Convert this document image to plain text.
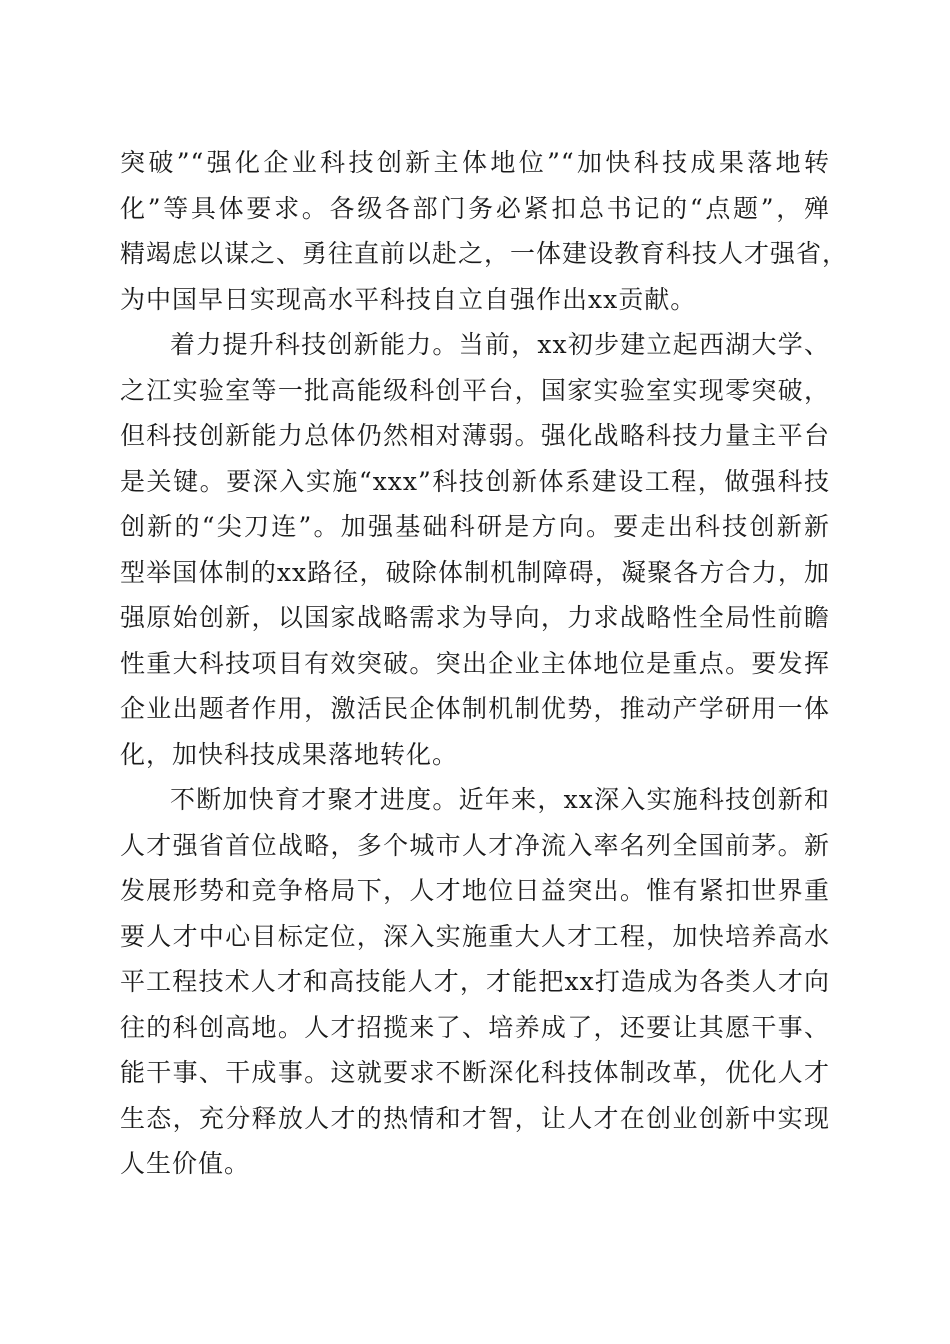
突破”“强化企业科技创新主体地位”“加快科技成果落地转
化”等具体要求。各级各部门务必紧扣总书记的“点题”，殚
精竭虑以谋之、勇往直前以赴之，一体建设教育科技人才强省，
为中国早日实现高水平科技自立自强作出xx贡献。
着力提升科技创新能力。当前，xx初步建立起西湖大学、
之江实验室等一批高能级科创平台，国家实验室实现零突破，
但科技创新能力总体仍然相对薄弱。强化战略科技力量主平台
是关键。要深入实施“xxx”科技创新体系建设工程，做强科技
创新的“尖刀连”。加强基础科研是方向。要走出科技创新新
型举国体制的xx路径，破除体制机制障碍，凝聚各方合力，加
强原始创新，以国家战略需求为导向，力求战略性全局性前瞻
性重大科技项目有效突破。突出企业主体地位是重点。要发挥
企业出题者作用，激活民企体制机制优势，推动产学研用一体
化，加快科技成果落地转化。
不断加快育才聚才进度。近年来，xx深入实施科技创新和
人才强省首位战略，多个城市人才净流入率名列全国前茅。新
发展形势和竞争格局下，人才地位日益突出。惟有紧扣世界重
要人才中心目标定位，深入实施重大人才工程，加快培养高水
平工程技术人才和高技能人才，才能把xx打造成为各类人才向
往的科创高地。人才招揽来了、培养成了，还要让其愿干事、
能干事、干成事。这就要求不断深化科技体制改革，优化人才
生态，充分释放人才的热情和才智，让人才在创业创新中实现
人生价值。
